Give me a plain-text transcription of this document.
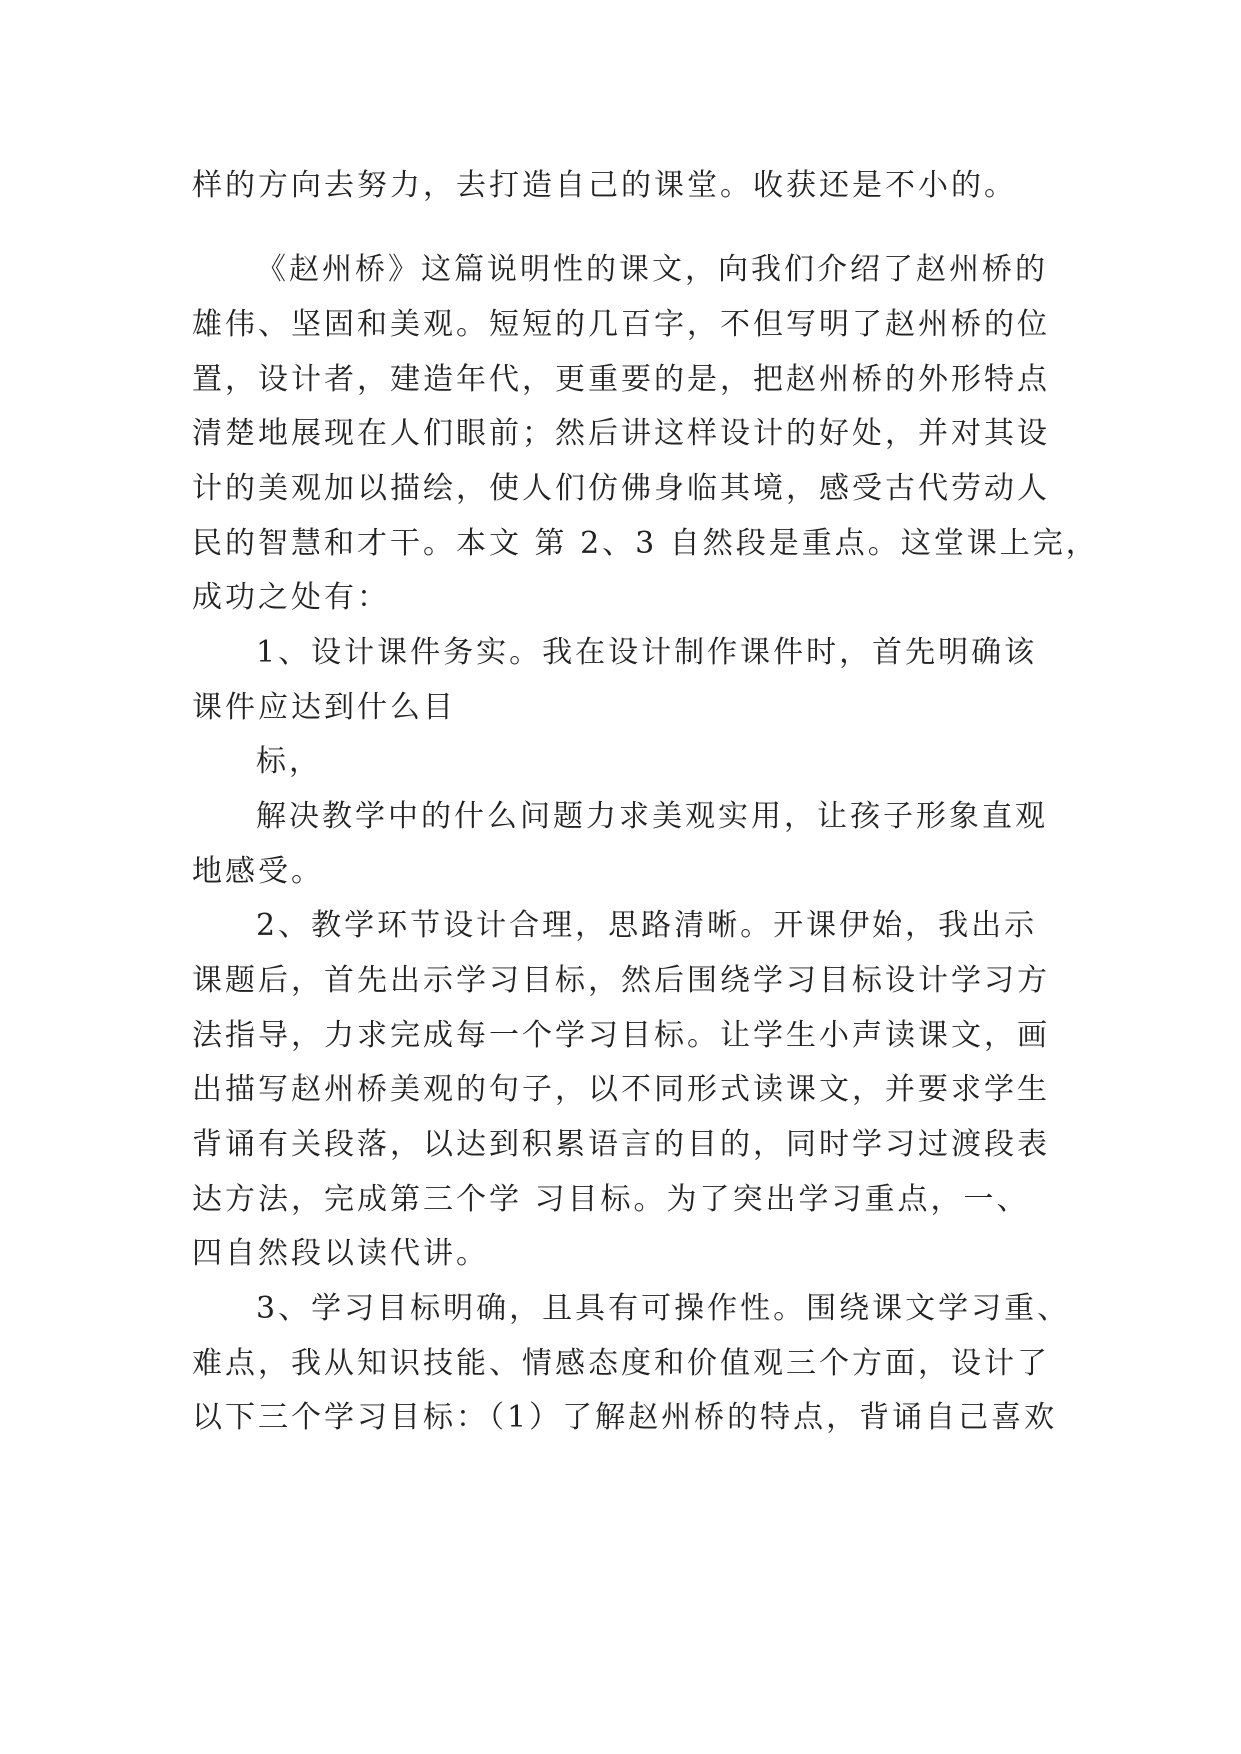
样的方向去努力，去打造自己的课堂。收获还是不小的。
《赵州桥》这篇说明性的课文，向我们介绍了赵州桥的
雄伟、坚固和美观。短短的几百字，不但写明了赵州桥的位
置，设计者，建造年代，更重要的是，把赵州桥的外形特点
清楚地展现在人们眼前；然后讲这样设计的好处，并对其设
计的美观加以描绘，使人们仿佛身临其境，感受古代劳动人
民的智慧和才干。本文 第 2、3 自然段是重点。这堂课上完，
成功之处有：
1、设计课件务实。我在设计制作课件时，首先明确该
课件应达到什么目
标，
解决教学中的什么问题力求美观实用，让孩子形象直观
地感受。
2、教学环节设计合理，思路清晰。开课伊始，我出示
课题后，首先出示学习目标，然后围绕学习目标设计学习方
法指导，力求完成每一个学习目标。让学生小声读课文，画
出描写赵州桥美观的句子，以不同形式读课文，并要求学生
背诵有关段落，以达到积累语言的目的，同时学习过渡段表
达方法，完成第三个学 习目标。为了突出学习重点，一、
四自然段以读代讲。
3、学习目标明确，且具有可操作性。围绕课文学习重、
难点，我从知识技能、情感态度和价值观三个方面，设计了
以下三个学习目标：（1）了解赵州桥的特点，背诵自己喜欢
